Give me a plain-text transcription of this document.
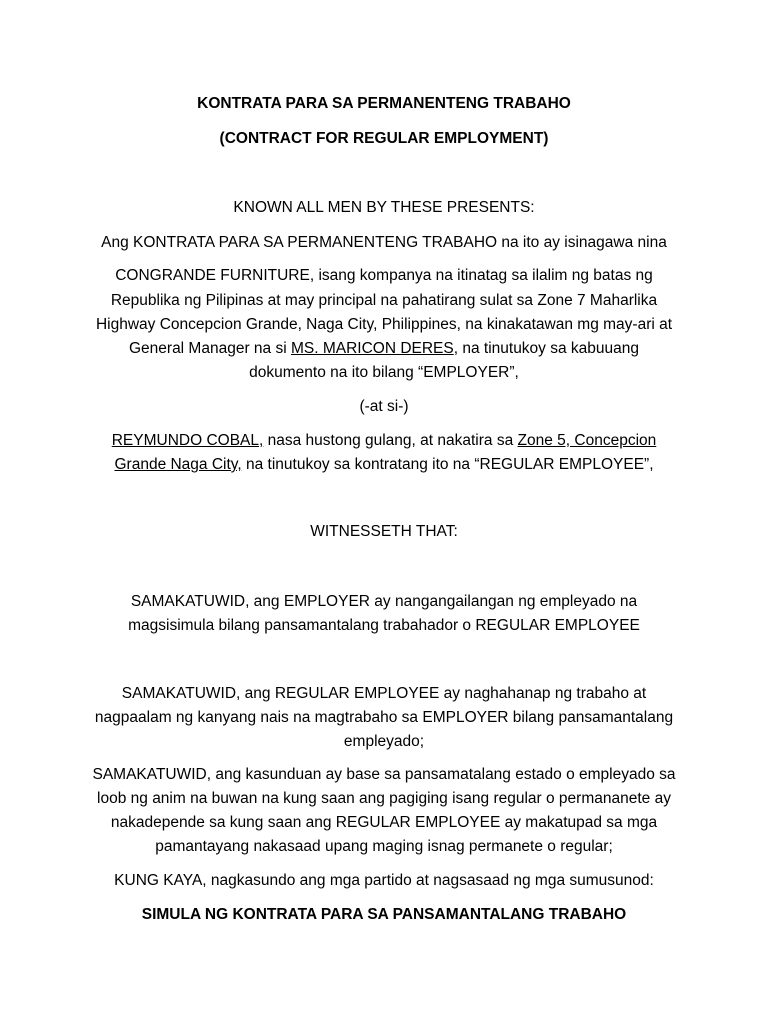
KONTRATA PARA SA PERMANENTENG TRABAHO
(CONTRACT FOR REGULAR EMPLOYMENT)
KNOWN ALL MEN BY THESE PRESENTS:
Ang KONTRATA PARA SA PERMANENTENG TRABAHO na ito ay isinagawa nina
CONGRANDE FURNITURE, isang kompanya na itinatag sa ilalim ng batas ng
Republika ng Pilipinas at may principal na pahatirang sulat sa Zone 7 Maharlika
Highway Concepcion Grande, Naga City, Philippines, na kinakatawan mg may-ari at
General Manager na si MS. MARICON DERES, na tinutukoy sa kabuuang
dokumento na ito bilang “EMPLOYER”,
(-at si-)
REYMUNDO COBAL, nasa hustong gulang, at nakatira sa Zone 5, Concepcion
Grande Naga City, na tinutukoy sa kontratang ito na “REGULAR EMPLOYEE”,
WITNESSETH THAT:
SAMAKATUWID, ang EMPLOYER ay nangangailangan ng empleyado na
magsisimula bilang pansamantalang trabahador o REGULAR EMPLOYEE
SAMAKATUWID, ang REGULAR EMPLOYEE ay naghahanap ng trabaho at
nagpaalam ng kanyang nais na magtrabaho sa EMPLOYER bilang pansamantalang
empleyado;
SAMAKATUWID, ang kasunduan ay base sa pansamatalang estado o empleyado sa
loob ng anim na buwan na kung saan ang pagiging isang regular o permananete ay
nakadepende sa kung saan ang REGULAR EMPLOYEE ay makatupad sa mga
pamantayang nakasaad upang maging isnag permanete o regular;
KUNG KAYA, nagkasundo ang mga partido at nagsasaad ng mga sumusunod:
SIMULA NG KONTRATA PARA SA PANSAMANTALANG TRABAHO
